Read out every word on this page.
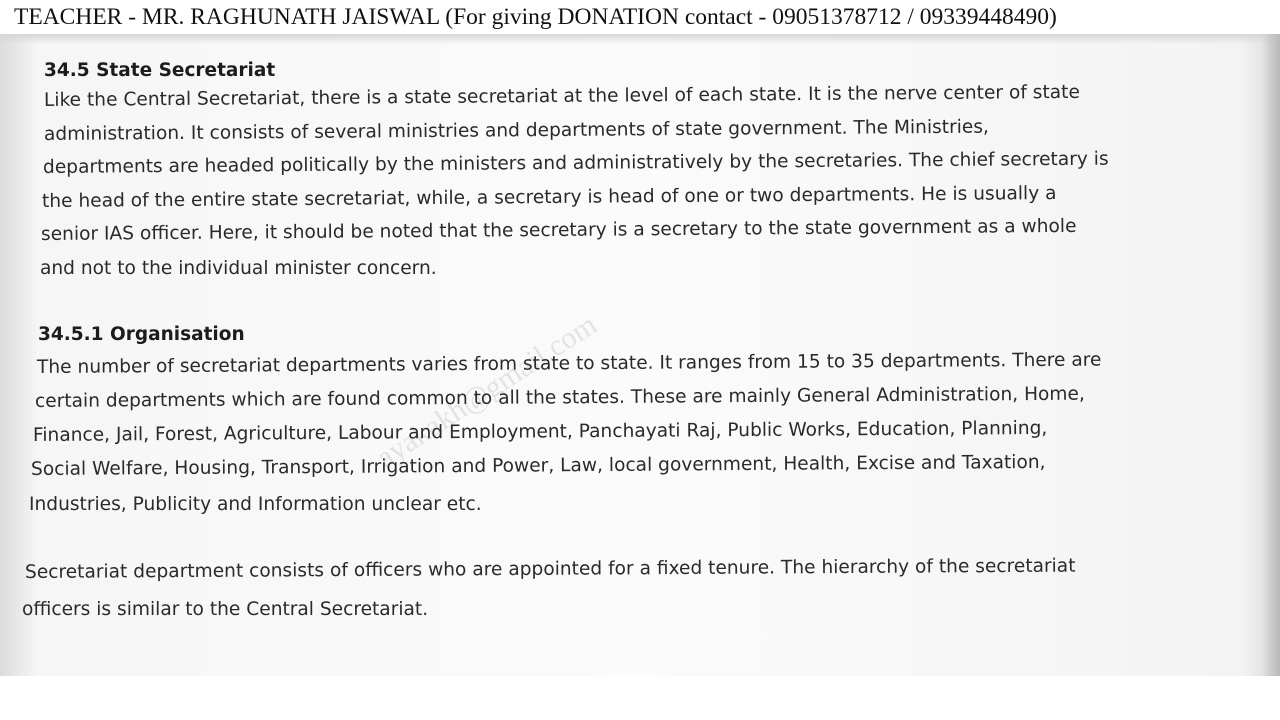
TEACHER - MR. RAGHUNATH JAISWAL (For giving DONATION contact - 09051378712 / 09339448490)
ayakakh@gmail.com
34.5 State Secretariat
Like the Central Secretariat, there is a state secretariat at the level of each state. It is the nerve center of state
administration. It consists of several ministries and departments of state government. The Ministries,
departments are headed politically by the ministers and administratively by the secretaries. The chief secretary is
the head of the entire state secretariat, while, a secretary is head of one or two departments. He is usually a
senior IAS officer. Here, it should be noted that the secretary is a secretary to the state government as a whole
and not to the individual minister concern.
34.5.1 Organisation
The number of secretariat departments varies from state to state. It ranges from 15 to 35 departments. There are
certain departments which are found common to all the states. These are mainly General Administration, Home,
Finance, Jail, Forest, Agriculture, Labour and Employment, Panchayati Raj, Public Works, Education, Planning,
Social Welfare, Housing, Transport, Irrigation and Power, Law, local government, Health, Excise and Taxation,
Industries, Publicity and Information unclear etc.
Secretariat department consists of officers who are appointed for a fixed tenure. The hierarchy of the secretariat
officers is similar to the Central Secretariat.
